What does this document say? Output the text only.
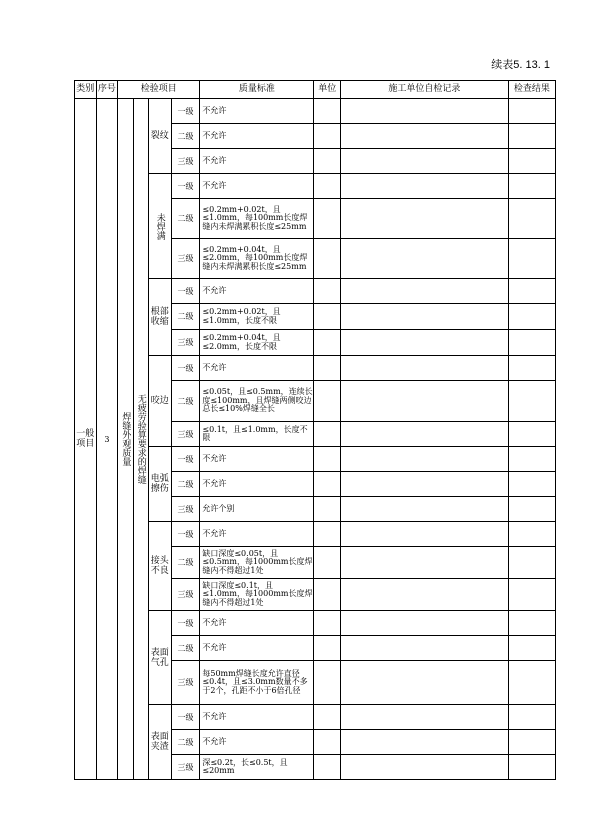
续表5. 13. 1
类别	序号	检验项目				质量标准	单位	施工单位自检记录	检查结果
一般项目	3	焊缝外观质量	无疲劳验算要求的焊缝	裂纹	一级	不允许			
					二级	不允许			
					三级	不允许			

				未焊满	一级	不允许			
					二级	≤0.2mm+0.02t，且≤1.0mm，每100mm长度焊缝内未焊满累积长度≤25mm		

					三级	≤0.2mm+0.04t，且≤2.0mm，每100mm长度焊缝内未焊满累积长度≤25mm		

				根部收缩	一级	不允许			
					二级	≤0.2mm+0.02t，且≤1.0mm，长度不限		

					三级	≤0.2mm+0.04t，且≤2.0mm，长度不限		

				咬边	一级	不允许			
					二级	≤0.05t，且≤0.5mm，连续长度≤100mm，且焊缝两侧咬边总长≤10%焊缝全长		

					三级	≤0.1t，且≤1.0mm，长度不限		

				电弧擦伤	一级	不允许			
					二级	不允许			
					三级	允许个别			
				接头不良	一级	不允许			
					二级	缺口深度≤0.05t，且≤0.5mm，每1000mm长度焊缝内不得超过1处		

					三级	缺口深度≤0.1t，且≤1.0mm，每1000mm长度焊缝内不得超过1处		

				表面气孔	一级	不允许			
					二级	不允许			
					三级	每50mm焊缝长度允许直径≤0.4t，且≤3.0mm数量不多于2个，孔距不小于6倍孔径			
				表面夹渣	一级	不允许			
					二级	不允许			
					三级	深≤0.2t，长≤0.5t，且≤20mm			
